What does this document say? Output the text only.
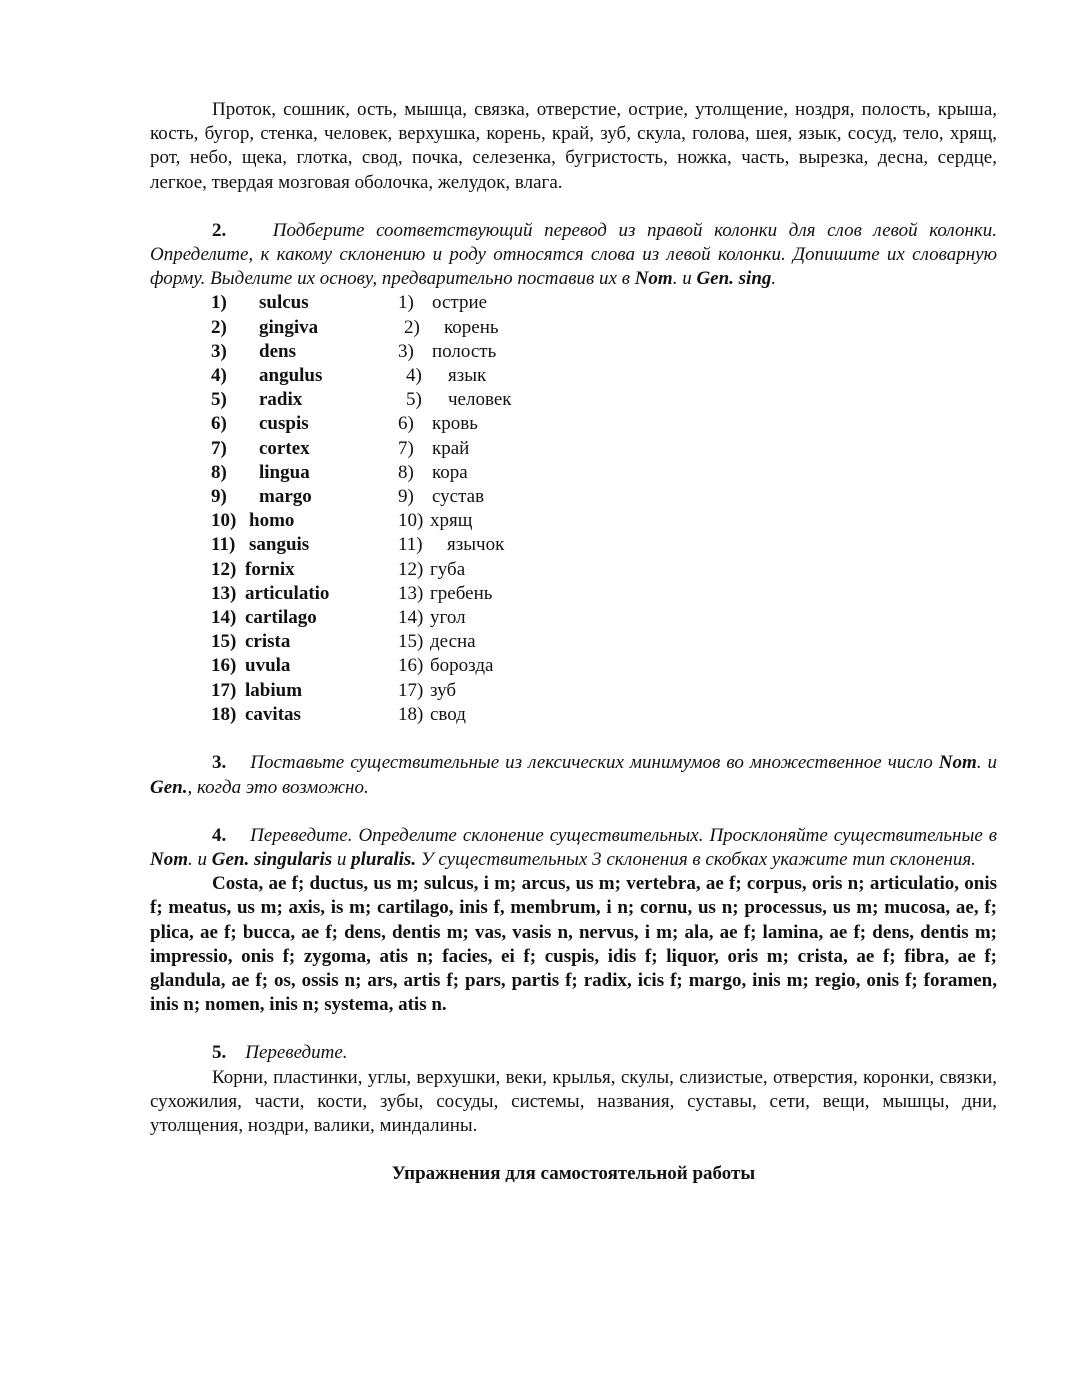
Проток, сошник, ость, мышца, связка, отверстие, острие, утолщение, ноздря, полость, крыша, кость, бугор, стенка, человек, верхушка, корень, край, зуб, скула, голова, шея, язык, сосуд, тело, хрящ, рот, небо, щека, глотка, свод, почка, селезенка, бугристость, ножка, часть, вырезка, десна, сердце, легкое, твердая мозговая оболочка, желудок, влага.

2. Подберите соответствующий перевод из правой колонки для слов левой колонки. Определите, к какому склонению и роду относятся слова из левой колонки. Допишите их словарную форму. Выделите их основу, предварительно поставив их в Nom. и Gen. sing.

1) sulcus	1) острие
2) gingiva	2) корень
3) dens	3) полость
4) angulus	4) язык
5) radix	5) человек
6) cuspis	6) кровь
7) cortex	7) край
8) lingua	8) кора
9) margo	9) сустав
10) homo	10) хрящ
11) sanguis	11) язычок
12) fornix	12) губа
13) articulatio	13) гребень
14) cartilago	14) угол
15) crista	15) десна
16) uvula	16) борозда
17) labium	17) зуб
18) cavitas	18) свод

3. Поставьте существительные из лексических минимумов во множественное число Nom. и Gen., когда это возможно.

4. Переведите. Определите склонение существительных. Просклоняйте существительные в Nom. и Gen. singularis и pluralis. У существительных 3 склонения в скобках укажите тип склонения.

Costa, ae f; ductus, us m; sulcus, i m; arcus, us m; vertebra, ae f; corpus, oris n; articulatio, onis f; meatus, us m; axis, is m; cartilago, inis f, membrum, i n; cornu, us n; processus, us m; mucosa, ae, f; plica, ae f; bucca, ae f; dens, dentis m; vas, vasis n, nervus, i m; ala, ae f; lamina, ae f; dens, dentis m; impressio, onis f; zygoma, atis n; facies, ei f; cuspis, idis f; liquor, oris m; crista, ae f; fibra, ae f; glandula, ae f; os, ossis n; ars, artis f; pars, partis f; radix, icis f; margo, inis m; regio, onis f; foramen, inis n; nomen, inis n; systema, atis n.

5. Переведите.

Корни, пластинки, углы, верхушки, веки, крылья, скулы, слизистые, отверстия, коронки, связки, сухожилия, части, кости, зубы, сосуды, системы, названия, суставы, сети, вещи, мышцы, дни, утолщения, ноздри, валики, миндалины.

Упражнения для самостоятельной работы
